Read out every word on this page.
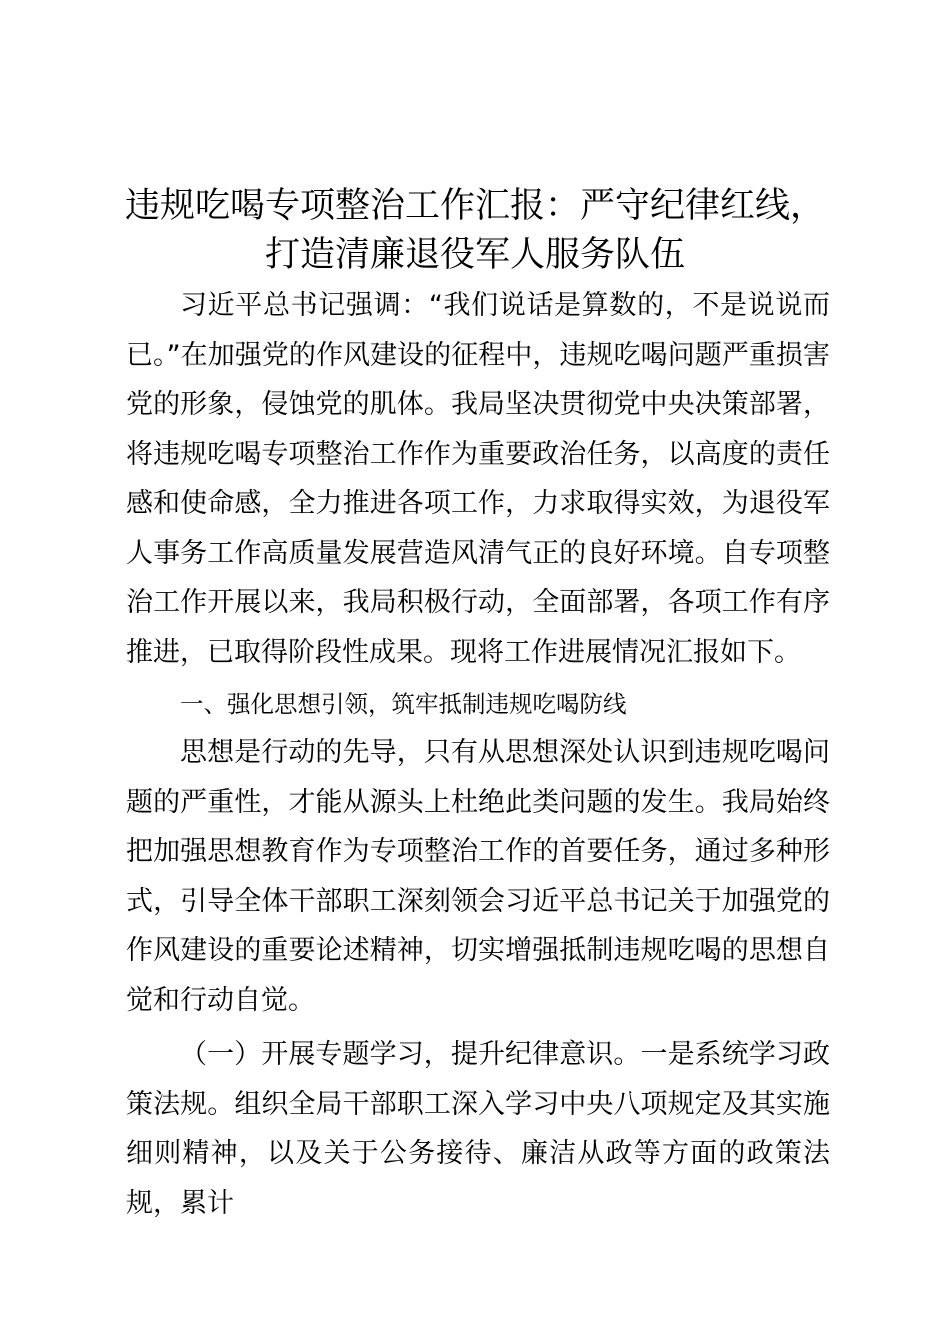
违规吃喝专项整治工作汇报：严守纪律红线，
打造清廉退役军人服务队伍

习近平总书记强调：“我们说话是算数的，不是说说而已。”在加强党的作风建设的征程中，违规吃喝问题严重损害党的形象，侵蚀党的肌体。我局坚决贯彻党中央决策部署，将违规吃喝专项整治工作作为重要政治任务，以高度的责任感和使命感，全力推进各项工作，力求取得实效，为退役军人事务工作高质量发展营造风清气正的良好环境。自专项整治工作开展以来，我局积极行动，全面部署，各项工作有序推进，已取得阶段性成果。现将工作进展情况汇报如下。

一、强化思想引领，筑牢抵制违规吃喝防线

思想是行动的先导，只有从思想深处认识到违规吃喝问题的严重性，才能从源头上杜绝此类问题的发生。我局始终把加强思想教育作为专项整治工作的首要任务，通过多种形式，引导全体干部职工深刻领会习近平总书记关于加强党的作风建设的重要论述精神，切实增强抵制违规吃喝的思想自觉和行动自觉。

（一）开展专题学习，提升纪律意识。一是系统学习政策法规。组织全局干部职工深入学习中央八项规定及其实施细则精神，以及关于公务接待、廉洁从政等方面的政策法规，累计
